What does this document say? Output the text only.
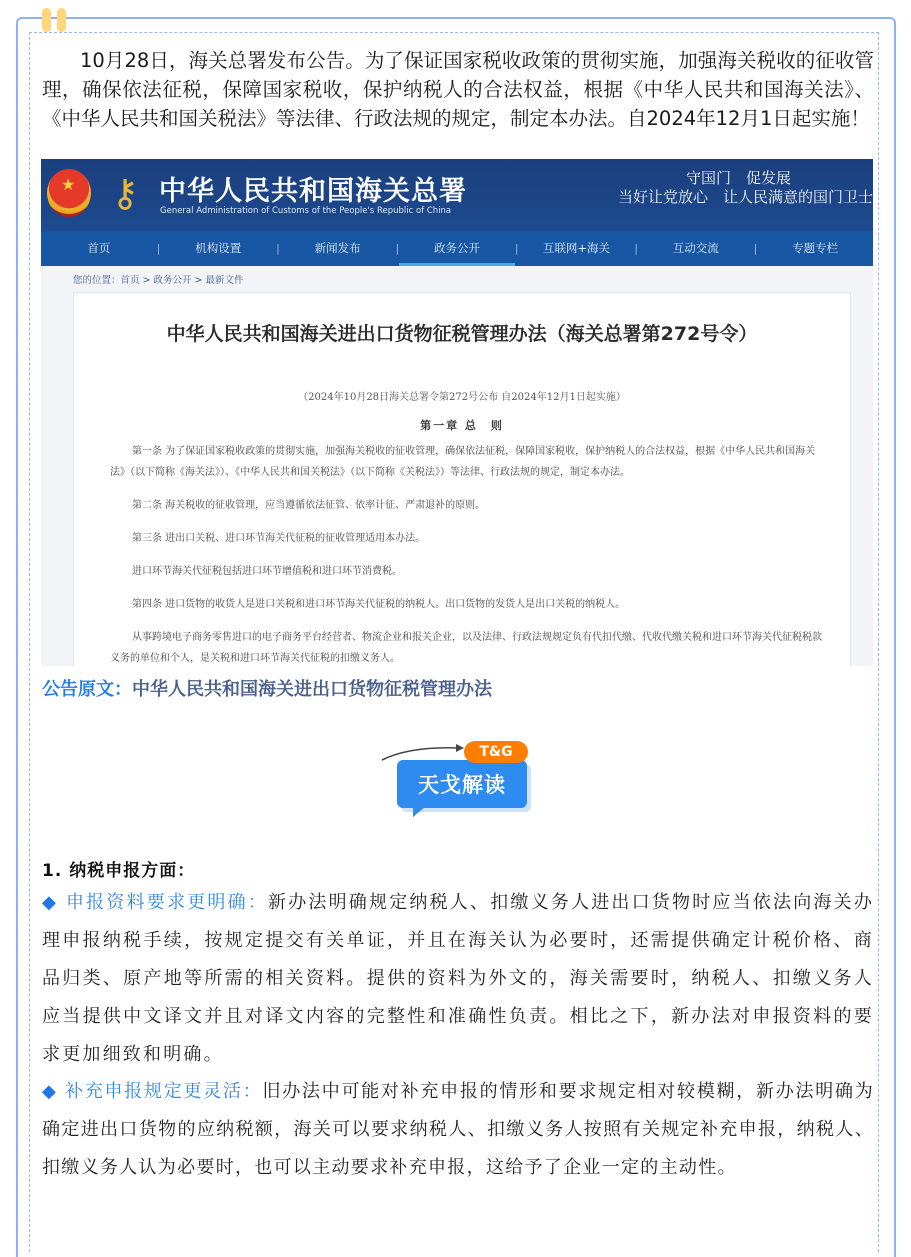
10月28日，海关总署发布公告。为了保证国家税收政策的贯彻实施，加强海关税收的征收管理，确保依法征税，保障国家税收，保护纳税人的合法权益，根据《中华人民共和国海关法》、《中华人民共和国关税法》等法律、行政法规的规定，制定本办法。自2024年12月1日起实施！

★ ⚷ 中华人民共和国海关总署
General Administration of Customs of the People's Republic of China
守国门　促发展
当好让党放心　让人民满意的国门卫士
首页	|	机构设置	|	新闻发布	|	政务公开	|	互联网+海关	|	互动交流	|	专题专栏
您的位置：首页 > 政务公开 > 最新文件
中华人民共和国海关进出口货物征税管理办法（海关总署第272号令）
（2024年10月28日海关总署令第272号公布 自2024年12月1日起实施）
第一章 总　则

第一条 为了保证国家税收政策的贯彻实施，加强海关税收的征收管理，确保依法征税，保障国家税收，保护纳税人的合法权益，根据《中华人民共和国海关法》（以下简称《海关法》）、《中华人民共和国关税法》（以下简称《关税法》）等法律、行政法规的规定，制定本办法。

第二条 海关税收的征收管理，应当遵循依法征管、依率计征、严肃退补的原则。

第三条 进出口关税、进口环节海关代征税的征收管理适用本办法。

进口环节海关代征税包括进口环节增值税和进口环节消费税。

第四条 进口货物的收货人是进口关税和进口环节海关代征税的纳税人。出口货物的发货人是出口关税的纳税人。

从事跨境电子商务零售进口的电子商务平台经营者、物流企业和报关企业，以及法律、行政法规规定负有代扣代缴、代收代缴关税和进口环节海关代征税税款义务的单位和个人，是关税和进口环节海关代征税的扣缴义务人。

公告原文：中华人民共和国海关进出口货物征税管理办法
天戈解读
T&G
1. 纳税申报方面：

◆ 申报资料要求更明确：新办法明确规定纳税人、扣缴义务人进出口货物时应当依法向海关办理申报纳税手续，按规定提交有关单证，并且在海关认为必要时，还需提供确定计税价格、商品归类、原产地等所需的相关资料。提供的资料为外文的，海关需要时，纳税人、扣缴义务人应当提供中文译文并且对译文内容的完整性和准确性负责。相比之下，新办法对申报资料的要求更加细致和明确。

◆ 补充申报规定更灵活：旧办法中可能对补充申报的情形和要求规定相对较模糊，新办法明确为确定进出口货物的应纳税额，海关可以要求纳税人、扣缴义务人按照有关规定补充申报，纳税人、扣缴义务人认为必要时，也可以主动要求补充申报，这给予了企业一定的主动性。
